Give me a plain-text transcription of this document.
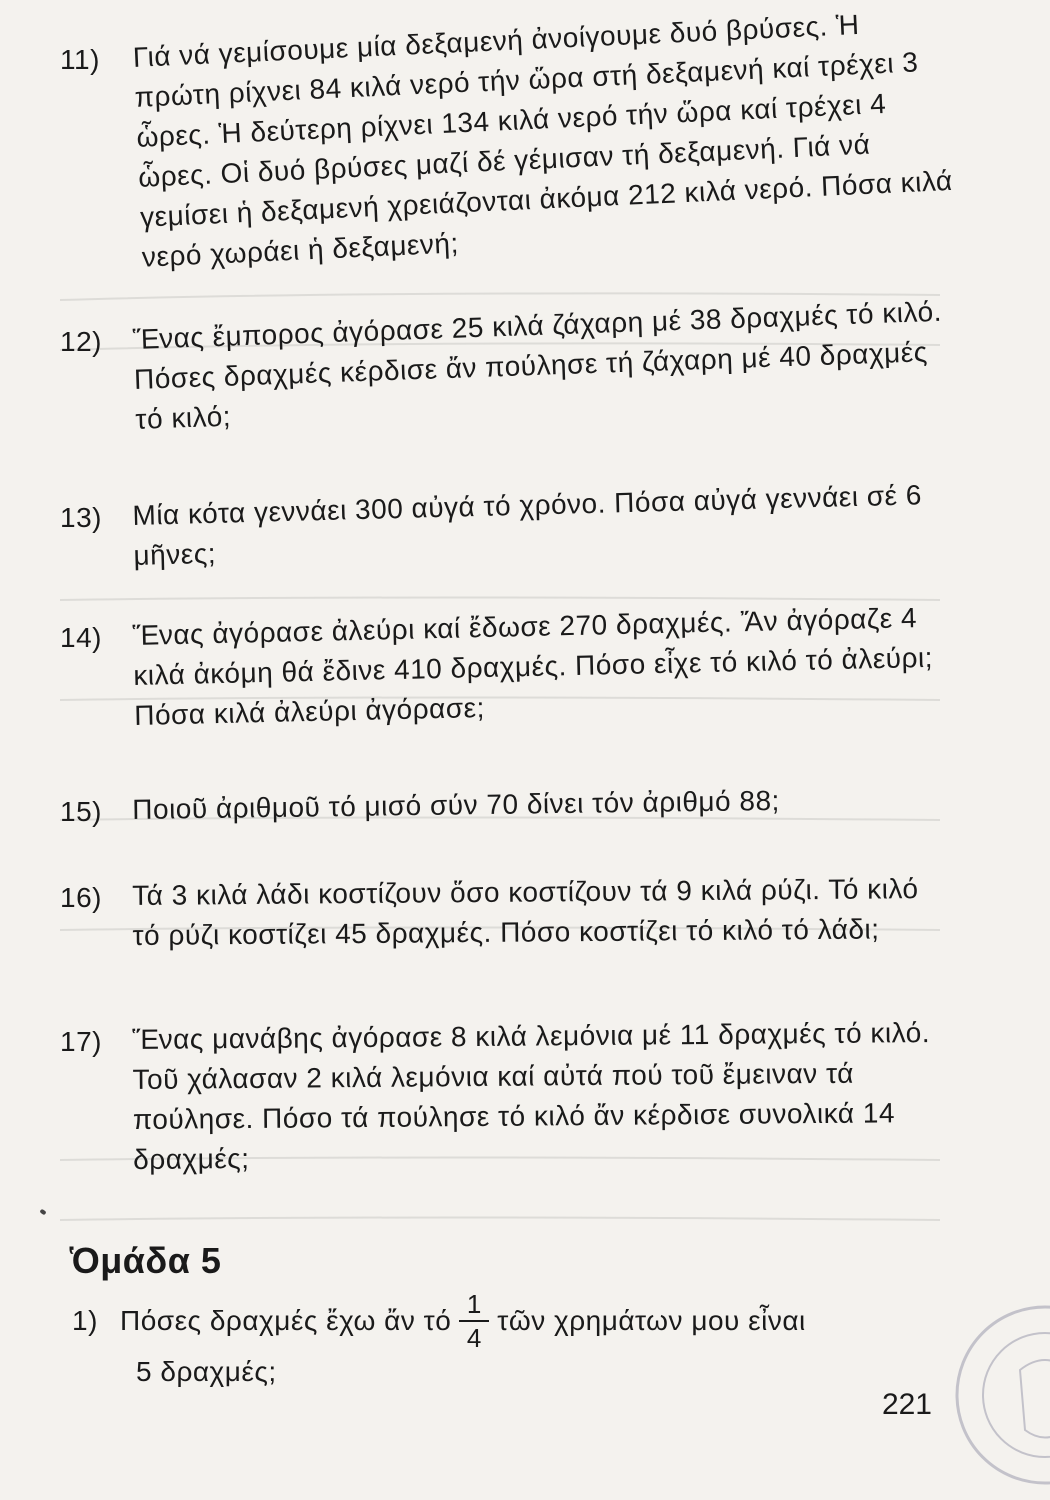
11)	Γιά νά γεμίσουμε μία δεξαμενή ἀνοίγουμε δυό βρύσες. Ἡ πρώτη ρίχνει 84 κιλά νερό τήν ὥρα στή δεξαμενή καί τρέχει 3 ὧρες. Ἡ δεύτερη ρίχνει 134 κιλά νερό τήν ὥρα καί τρέχει 4 ὧρες. Οἱ δυό βρύσες μαζί δέ γέμισαν τή δεξαμενή. Γιά νά γεμίσει ἡ δεξαμενή χρειάζονται ἀκόμα 212 κιλά νερό. Πόσα κιλά νερό χωράει ἡ δεξαμενή;
12)	Ἕνας ἔμπορος ἀγόρασε 25 κιλά ζάχαρη μέ 38 δραχμές τό κιλό. Πόσες δραχμές κέρδισε ἄν πούλησε τή ζάχαρη μέ 40 δραχμές τό κιλό;
13)	Μία κότα γεννάει 300 αὐγά τό χρόνο. Πόσα αὐγά γεννάει σέ 6 μῆνες;
14)	Ἕνας ἀγόρασε ἀλεύρι καί ἔδωσε 270 δραχμές. Ἄν ἀγόραζε 4 κιλά ἀκόμη θά ἔδινε 410 δραχμές. Πόσο εἶχε τό κιλό τό ἀλεύρι; Πόσα κιλά ἀλεύρι ἀγόρασε;
15)	Ποιοῦ ἀριθμοῦ τό μισό σύν 70 δίνει τόν ἀριθμό 88;
16)	Τά 3 κιλά λάδι κοστίζουν ὅσο κοστίζουν τά 9 κιλά ρύζι. Τό κιλό τό ρύζι κοστίζει 45 δραχμές. Πόσο κοστίζει τό κιλό τό λάδι;
17)	Ἕνας μανάβης ἀγόρασε 8 κιλά λεμόνια μέ 11 δραχμές τό κιλό. Τοῦ χάλασαν 2 κιλά λεμόνια καί αὐτά πού τοῦ ἔμειναν τά πούλησε. Πόσο τά πούλησε τό κιλό ἄν κέρδισε συνολικά 14 δραχμές;
Ὁμάδα 5
1) Πόσες δραχμές ἔχω ἄν τό $\frac{1}{4}$ τῶν χρημάτων μου εἶναι
5 δραχμές;
221
